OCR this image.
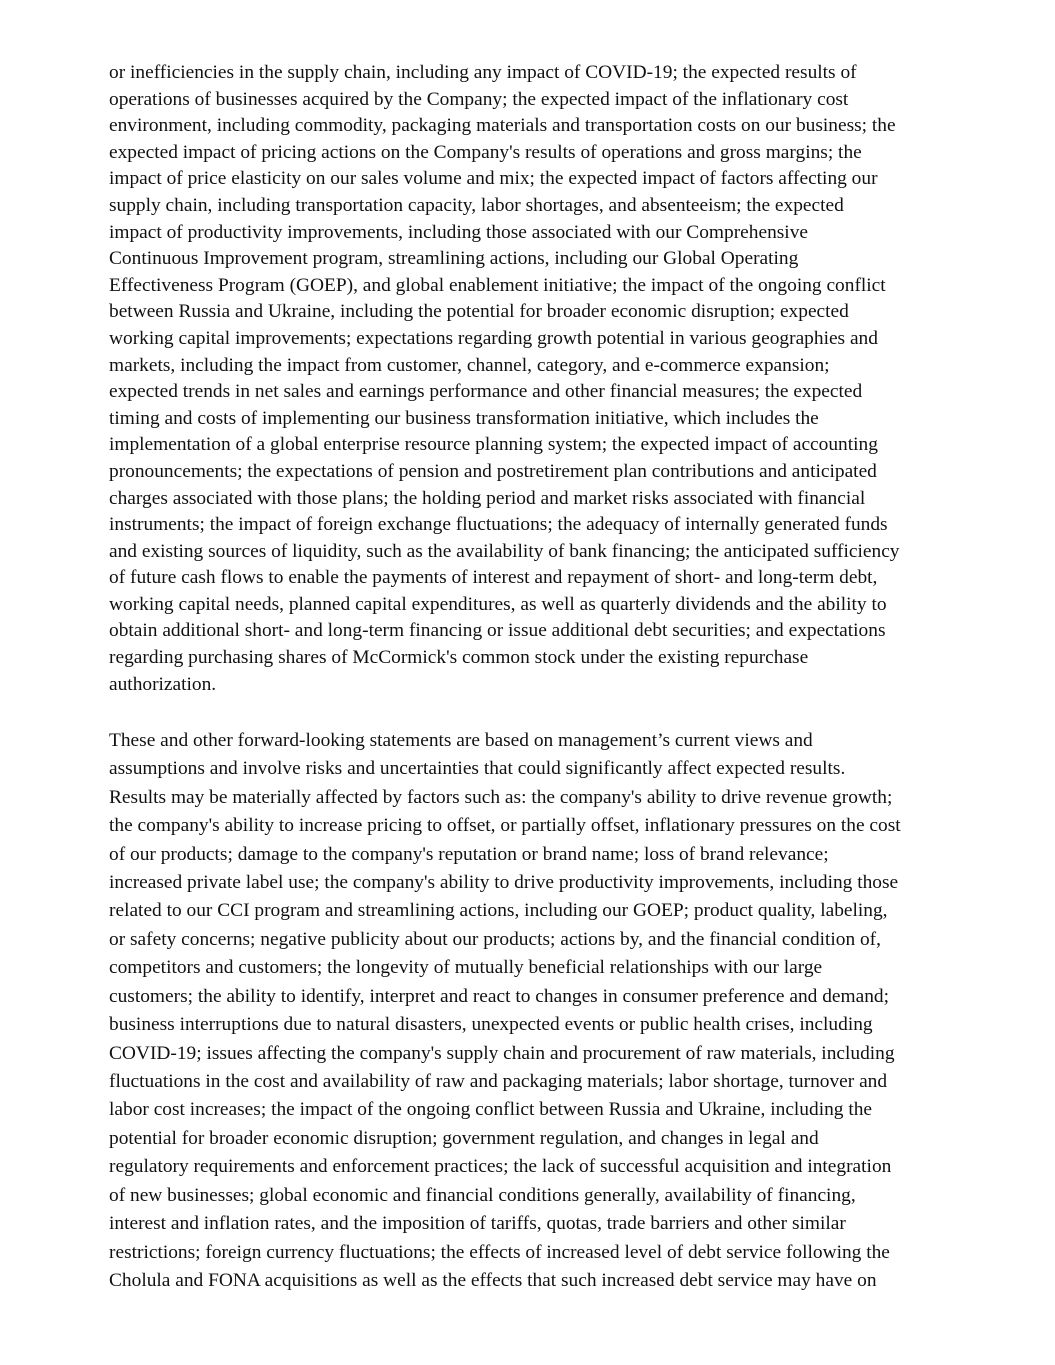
or inefficiencies in the supply chain, including any impact of COVID-19; the expected results of
operations of businesses acquired by the Company; the expected impact of the inflationary cost
environment, including commodity, packaging materials and transportation costs on our business; the
expected impact of pricing actions on the Company's results of operations and gross margins; the
impact of price elasticity on our sales volume and mix; the expected impact of factors affecting our
supply chain, including transportation capacity, labor shortages, and absenteeism; the expected
impact of productivity improvements, including those associated with our Comprehensive
Continuous Improvement program, streamlining actions, including our Global Operating
Effectiveness Program (GOEP), and global enablement initiative; the impact of the ongoing conflict
between Russia and Ukraine, including the potential for broader economic disruption; expected
working capital improvements; expectations regarding growth potential in various geographies and
markets, including the impact from customer, channel, category, and e-commerce expansion;
expected trends in net sales and earnings performance and other financial measures; the expected
timing and costs of implementing our business transformation initiative, which includes the
implementation of a global enterprise resource planning system; the expected impact of accounting
pronouncements; the expectations of pension and postretirement plan contributions and anticipated
charges associated with those plans; the holding period and market risks associated with financial
instruments; the impact of foreign exchange fluctuations; the adequacy of internally generated funds
and existing sources of liquidity, such as the availability of bank financing; the anticipated sufficiency
of future cash flows to enable the payments of interest and repayment of short- and long-term debt,
working capital needs, planned capital expenditures, as well as quarterly dividends and the ability to
obtain additional short- and long-term financing or issue additional debt securities; and expectations
regarding purchasing shares of McCormick's common stock under the existing repurchase
authorization.
These and other forward-looking statements are based on management’s current views and
assumptions and involve risks and uncertainties that could significantly affect expected results.
Results may be materially affected by factors such as: the company's ability to drive revenue growth;
the company's ability to increase pricing to offset, or partially offset, inflationary pressures on the cost
of our products; damage to the company's reputation or brand name; loss of brand relevance;
increased private label use; the company's ability to drive productivity improvements, including those
related to our CCI program and streamlining actions, including our GOEP; product quality, labeling,
or safety concerns; negative publicity about our products; actions by, and the financial condition of,
competitors and customers; the longevity of mutually beneficial relationships with our large
customers; the ability to identify, interpret and react to changes in consumer preference and demand;
business interruptions due to natural disasters, unexpected events or public health crises, including
COVID-19; issues affecting the company's supply chain and procurement of raw materials, including
fluctuations in the cost and availability of raw and packaging materials; labor shortage, turnover and
labor cost increases; the impact of the ongoing conflict between Russia and Ukraine, including the
potential for broader economic disruption; government regulation, and changes in legal and
regulatory requirements and enforcement practices; the lack of successful acquisition and integration
of new businesses; global economic and financial conditions generally, availability of financing,
interest and inflation rates, and the imposition of tariffs, quotas, trade barriers and other similar
restrictions; foreign currency fluctuations; the effects of increased level of debt service following the
Cholula and FONA acquisitions as well as the effects that such increased debt service may have on
